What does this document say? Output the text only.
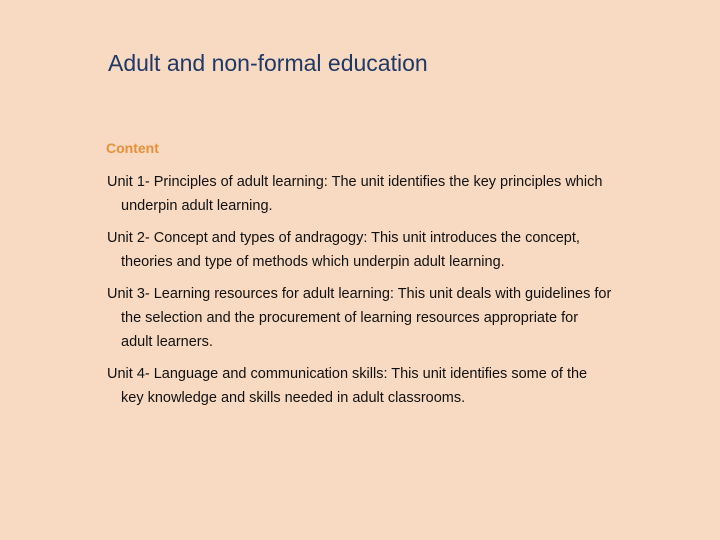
Adult and non-formal education
Content
Unit 1- Principles of adult learning: The unit identifies the key principles which underpin adult learning.
Unit 2- Concept and types of andragogy: This unit introduces the concept, theories and type of methods which underpin adult learning.
Unit 3- Learning resources for adult learning: This unit deals with guidelines for the selection and the procurement of learning resources appropriate for adult learners.
Unit 4- Language and communication skills: This unit identifies some of the key knowledge and skills needed in adult classrooms.
